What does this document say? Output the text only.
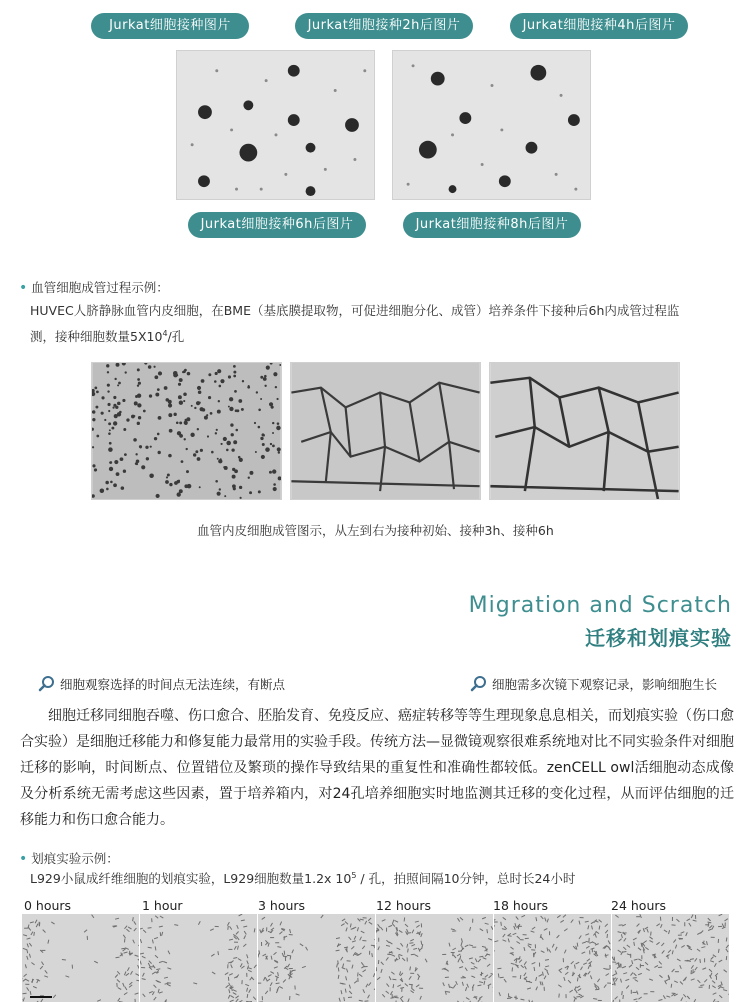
Jurkat细胞接种图片	Jurkat细胞接种2h后图片	Jurkat细胞接种4h后图片
Jurkat细胞接种6h后图片	Jurkat细胞接种8h后图片
• 血管细胞成管过程示例：
HUVEC人脐静脉血管内皮细胞，在BME（基底膜提取物，可促进细胞分化、成管）培养条件下接种后6h内成管过程监
测，接种细胞数量$5X10^4/$孔
血管内皮细胞成管图示，从左到右为接种初始、接种3h、接种6h
Migration and Scratch
迁移和划痕实验
细胞观察选择的时间点无法连续，有断点	细胞需多次镜下观察记录，影响细胞生长
　　细胞迁移同细胞吞噬、伤口愈合、胚胎发育、免疫反应、癌症转移等等生理现象息息相关，而划痕实验（伤口愈合实验）是细胞迁移能力和修复能力最常用的实验手段。传统方法—显微镜观察很难系统地对比不同实验条件对细胞迁移的影响，时间断点、位置错位及繁琐的操作导致结果的重复性和准确性都较低。zenCELL owl活细胞动态成像及分析系统无需考虑这些因素，置于培养箱内，对24孔培养细胞实时地监测其迁移的变化过程，从而评估细胞的迁移能力和伤口愈合能力。
• 划痕实验示例：
L929小鼠成纤维细胞的划痕实验，L929细胞数量1.2x $10^5$ / 孔，拍照间隔10分钟，总时长24小时
0 hours	1 hour	3 hours	12 hours	18 hours	24 hours
